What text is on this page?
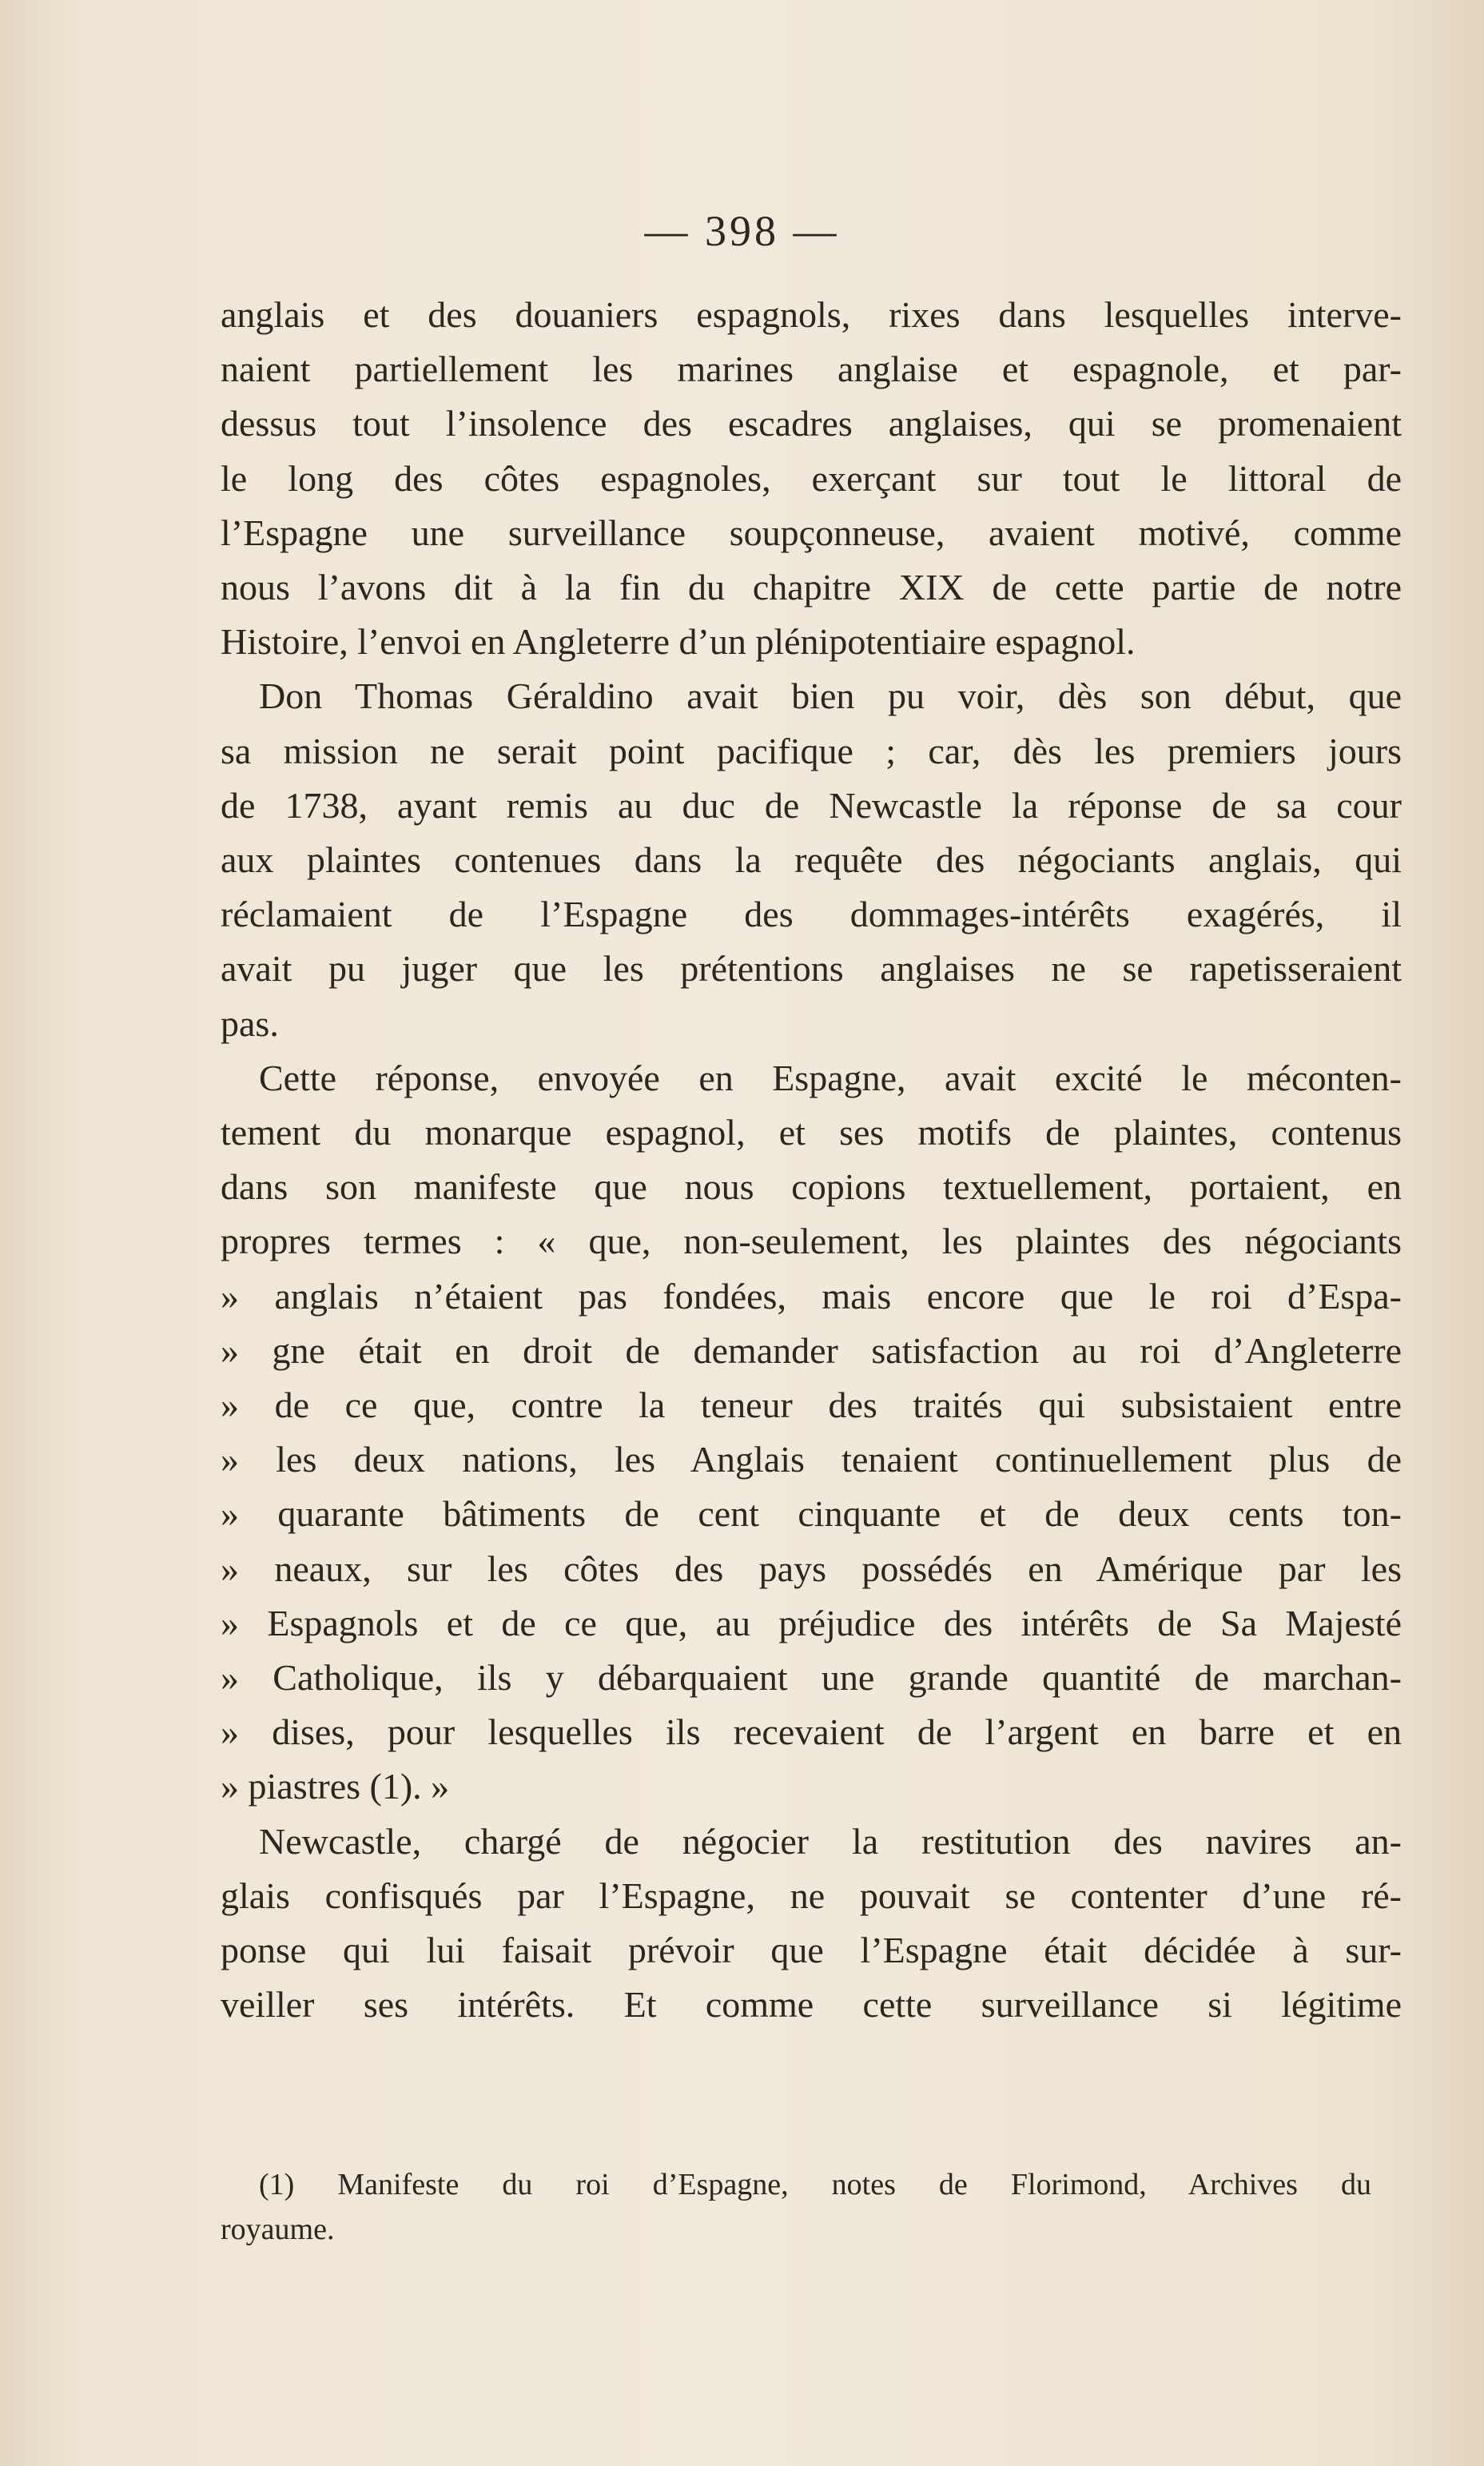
— 398 —
anglais et des douaniers espagnols, rixes dans lesquelles interve-
naient partiellement les marines anglaise et espagnole, et par-
dessus tout l’insolence des escadres anglaises, qui se promenaient
le long des côtes espagnoles, exerçant sur tout le littoral de
l’Espagne une surveillance soupçonneuse, avaient motivé, comme
nous l’avons dit à la fin du chapitre XIX de cette partie de notre
Histoire, l’envoi en Angleterre d’un plénipotentiaire espagnol.
Don Thomas Géraldino avait bien pu voir, dès son début, que
sa mission ne serait point pacifique ; car, dès les premiers jours
de 1738, ayant remis au duc de Newcastle la réponse de sa cour
aux plaintes contenues dans la requête des négociants anglais, qui
réclamaient de l’Espagne des dommages-intérêts exagérés, il
avait pu juger que les prétentions anglaises ne se rapetisseraient
pas.
Cette réponse, envoyée en Espagne, avait excité le méconten-
tement du monarque espagnol, et ses motifs de plaintes, contenus
dans son manifeste que nous copions textuellement, portaient, en
propres termes : « que, non-seulement, les plaintes des négociants
» anglais n’étaient pas fondées, mais encore que le roi d’Espa-
» gne était en droit de demander satisfaction au roi d’Angleterre
» de ce que, contre la teneur des traités qui subsistaient entre
» les deux nations, les Anglais tenaient continuellement plus de
» quarante bâtiments de cent cinquante et de deux cents ton-
» neaux, sur les côtes des pays possédés en Amérique par les
» Espagnols et de ce que, au préjudice des intérêts de Sa Majesté
» Catholique, ils y débarquaient une grande quantité de marchan-
» dises, pour lesquelles ils recevaient de l’argent en barre et en
» piastres (1). »
Newcastle, chargé de négocier la restitution des navires an-
glais confisqués par l’Espagne, ne pouvait se contenter d’une ré-
ponse qui lui faisait prévoir que l’Espagne était décidée à sur-
veiller ses intérêts. Et comme cette surveillance si légitime
(1) Manifeste du roi d’Espagne, notes de Florimond, Archives du
royaume.
